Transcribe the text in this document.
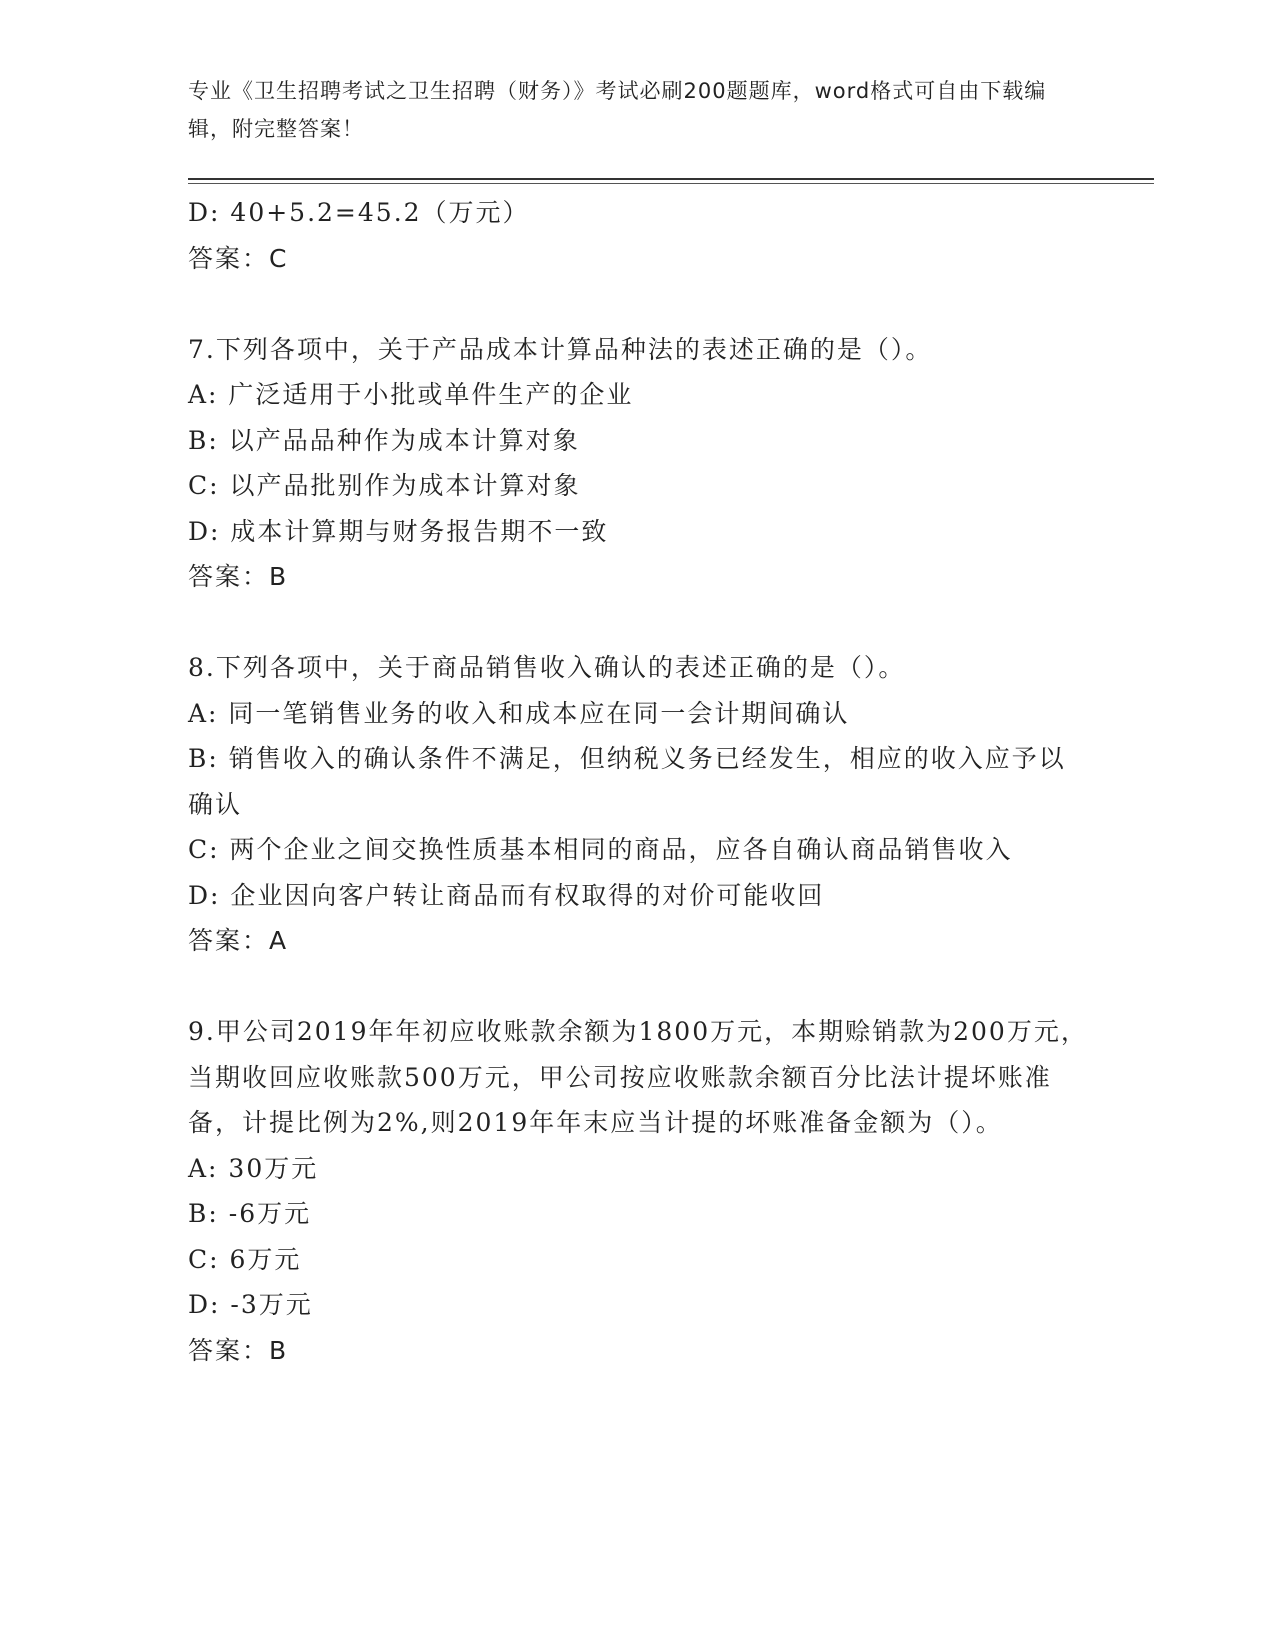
专业《卫生招聘考试之卫生招聘（财务）》考试必刷200题题库，word格式可自由下载编辑，附完整答案！
D: 40+5.2=45.2（万元）
答案：C
7.下列各项中，关于产品成本计算品种法的表述正确的是（）。
A: 广泛适用于小批或单件生产的企业
B: 以产品品种作为成本计算对象
C: 以产品批别作为成本计算对象
D: 成本计算期与财务报告期不一致
答案：B
8.下列各项中，关于商品销售收入确认的表述正确的是（）。
A: 同一笔销售业务的收入和成本应在同一会计期间确认
B: 销售收入的确认条件不满足，但纳税义务已经发生，相应的收入应予以确认
C: 两个企业之间交换性质基本相同的商品，应各自确认商品销售收入
D: 企业因向客户转让商品而有权取得的对价可能收回
答案：A
9.甲公司2019年年初应收账款余额为1800万元，本期赊销款为200万元，当期收回应收账款500万元，甲公司按应收账款余额百分比法计提坏账准备，计提比例为2%,则2019年年末应当计提的坏账准备金额为（）。
A: 30万元
B: -6万元
C: 6万元
D: -3万元
答案：B
